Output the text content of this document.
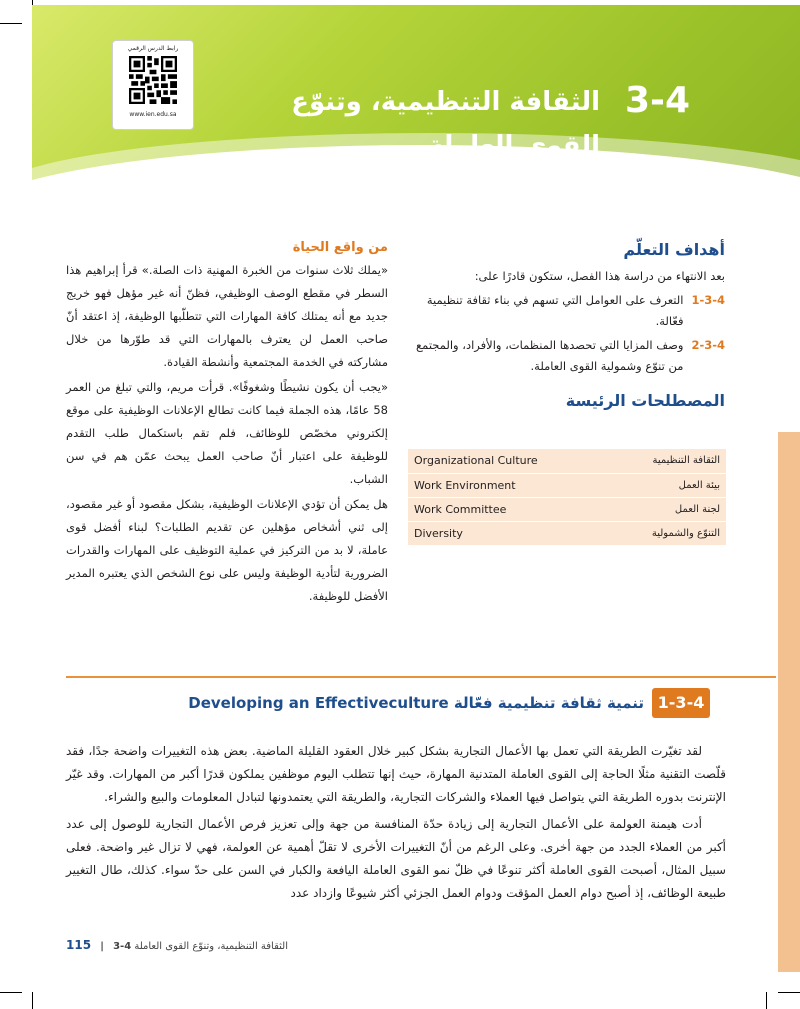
رابط الدرس الرقمي
www.ien.edu.sa	3-4
الثقافة التنظيمية، وتنوّع القوى العاملة
أهداف التعلّم
بعد الانتهاء من دراسة هذا الفصل، ستكون قادرًا على:
1-3-4
التعرف على العوامل التي تسهم في بناء ثقافة تنظيمية فعّالة.
2-3-4
وصف المزايا التي تحصدها المنظمات، والأفراد، والمجتمع من تنوّع وشمولية القوى العاملة.
المصطلحات الرئيسة
Organizational Culture	الثقافة التنظيمية
Work Environment	بيئة العمل
Work Committee	لجنة العمل
Diversity	التنوّع والشمولية
من واقع الحياة

«يملك ثلاث سنوات من الخبرة المهنية ذات الصلة.» قرأ إبراهيم هذا السطر في مقطع الوصف الوظيفي، فظنّ أنه غير مؤهل فهو خريج جديد مع أنه يمتلك كافة المهارات التي تتطلّبها الوظيفة، إذ اعتقد أنّ صاحب العمل لن يعترف بالمهارات التي قد طوّرها من خلال مشاركته في الخدمة المجتمعية وأنشطة القيادة.

«يجب أن يكون نشيطًا وشغوفًا». قرأت مريم، والتي تبلغ من العمر 58 عامًا، هذه الجملة فيما كانت تطالع الإعلانات الوظيفية على موقع إلكتروني مخصّص للوظائف، فلم تقم باستكمال طلب التقدم للوظيفة على اعتبار أنّ صاحب العمل يبحث عمّن هم في سن الشباب.

هل يمكن أن تؤدي الإعلانات الوظيفية، بشكل مقصود أو غير مقصود، إلى ثني أشخاص مؤهلين عن تقديم الطلبات؟ لبناء أفضل قوى عاملة، لا بد من التركيز في عملية التوظيف على المهارات والقدرات الضرورية لتأدية الوظيفة وليس على نوع الشخص الذي يعتبره المدير الأفضل للوظيفة.

1-3-4
تنمية ثقافة تنظيمية فعّالة Developing an Effectiveculture

لقد تغيّرت الطريقة التي تعمل بها الأعمال التجارية بشكل كبير خلال العقود القليلة الماضية. بعض هذه التغييرات واضحة جدًا، فقد قلّصت التقنية مثلًا الحاجة إلى القوى العاملة المتدنية المهارة، حيث إنها تتطلب اليوم موظفين يملكون قدرًا أكبر من المهارات. وقد غيّر الإنترنت بدوره الطريقة التي يتواصل فيها العملاء والشركات التجارية، والطريقة التي يعتمدونها لتبادل المعلومات والبيع والشراء.

أدت هيمنة العولمة على الأعمال التجارية إلى زيادة حدّة المنافسة من جهة وإلى تعزيز فرص الأعمال التجارية للوصول إلى عدد أكبر من العملاء الجدد من جهة أخرى. وعلى الرغم من أنّ التغييرات الأخرى لا تقلّ أهمية عن العولمة، فهي لا تزال غير واضحة. فعلى سبيل المثال، أصبحت القوى العاملة أكثر تنوعًا في ظلّ نمو القوى العاملة اليافعة والكبار في السن على حدّ سواء. كذلك، طال التغيير طبيعة الوظائف، إذ أصبح دوام العمل المؤقت ودوام العمل الجزئي أكثر شيوعًا وازداد عدد

115 |	الثقافة التنظيمية، وتنوّع القوى العاملة 3-4
